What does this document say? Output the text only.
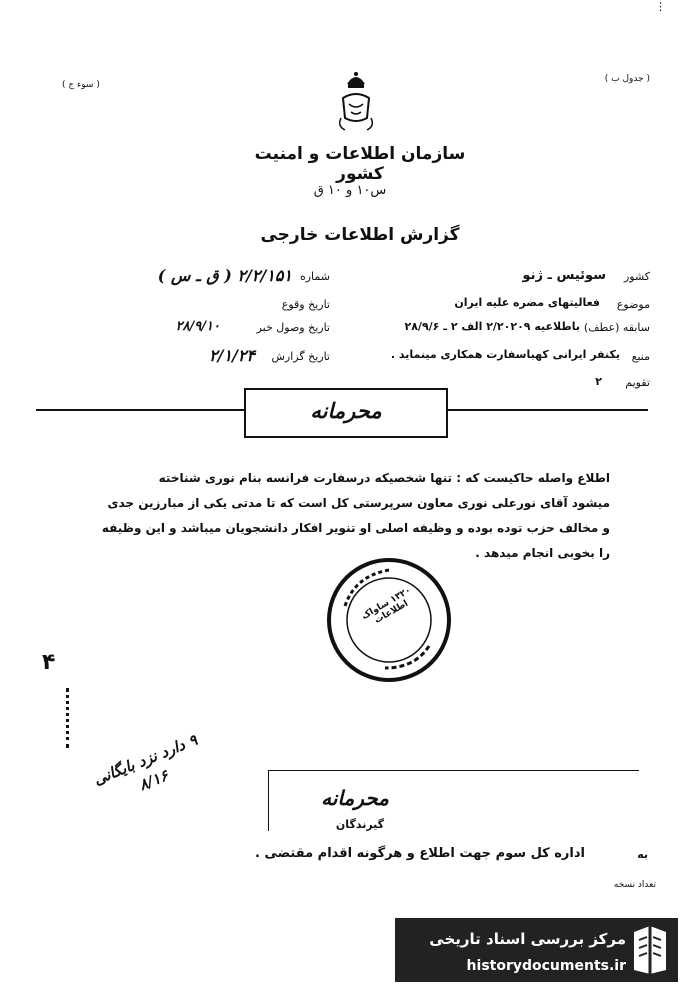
( سوء ج )
( جدول ب )
⋮
سازمان اطلاعات و امنیت کشور
س۱۰ و ۱۰ ق
گزارش اطلاعات خارجی
شماره
۲/۲/۱۵۱ ( ق ـ س )
تاریخ وقوع
تاریخ وصول خبر
۲۸/۹/۱۰
تاریخ گزارش
۲/۱/۲۴
کشور
سوئیس ـ ژنو
موضوع
فعالیتهای مضره علیه ایران
سابقه (عطف)
باطلاعیه ۲/۲۰۲۰۹ الف ۲ ـ ۲۸/۹/۶
منبع
یکنفر ایرانی کهباسفارت همکاری مینماید .
تقویم
۲
محرمانه
اطلاع واصله حاکیست که : تنها شخصیکه درسفارت فرانسه بنام نوری شناخته
میشود آقای نورعلی نوری معاون سرپرستی کل است که تا مدتی یکی از مبارزین جدی
و مخالف حزب توده بوده و وظیفه اصلی او تنویر افکار دانشجویان میباشد و این وظیفه
را بخوبی انجام میدهد .
۱۳۲۰ ساواک اطلاعات
۴
۹ دارد نزد بایگانی ۸/۱۶
محرمانه
گیرندگان
به
اداره کل سوم جهت اطلاع و هرگونه اقدام مقتضی .
تعداد نسخه
مرکز بررسی اسناد تاریخی
historydocuments.ir
